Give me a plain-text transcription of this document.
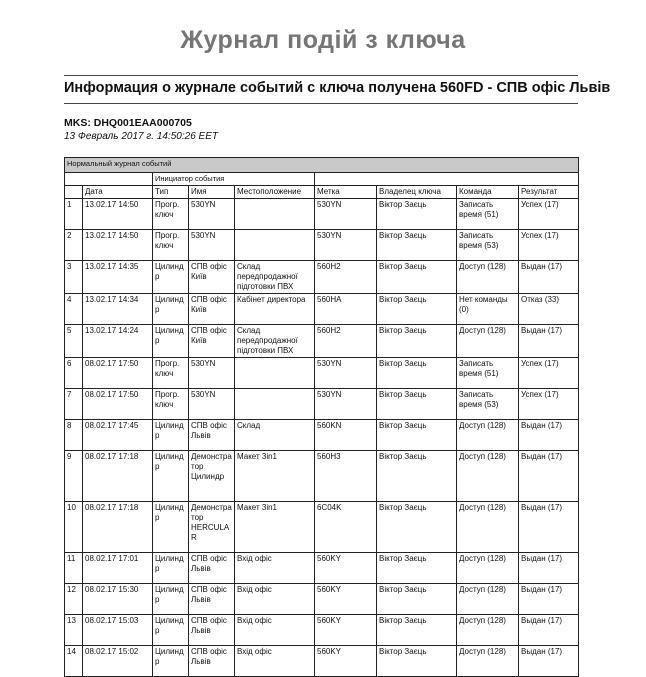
Журнал подій з ключа
Информация о журнале событий с ключа получена 560FD - СПВ офіс Львів
MKS: DHQ001EAA000705
13 Февраль 2017 г. 14:50:26 EET
Нормальный журнал событий								
		Инициатор события						
	Дата	Тип	Имя	Местоположение	Метка	Владелец ключа	Команда	Результат
1	13.02.17 14:50	Прогр. ключ	530YN		530YN	Віктор Заєць	Записать время (51)	Успех (17)
2	13.02.17 14:50	Прогр. ключ	530YN		530YN	Віктор Заєць	Записать время (53)	Успех (17)
3	13.02.17 14:35	Цилинд р	СПВ офіс Київ	Склад передпродажної підготовки ПВХ	560H2	Віктор Заєць	Доступ (128)	Выдан (17)
4	13.02.17 14:34	Цилинд р	СПВ офіс Київ	Кабінет директора	560HA	Віктор Заєць	Нет команды (0)	Отказ (33)
5	13.02.17 14:24	Цилинд р	СПВ офіс Київ	Склад передпродажної підготовки ПВХ	560H2	Віктор Заєць	Доступ (128)	Выдан (17)
6	08.02.17 17:50	Прогр. ключ	530YN		530YN	Віктор Заєць	Записать время (51)	Успех (17)
7	08.02.17 17:50	Прогр. ключ	530YN		530YN	Віктор Заєць	Записать время (53)	Успех (17)
8	08.02.17 17:45	Цилинд р	СПВ офіс Львів	Склад	560KN	Віктор Заєць	Доступ (128)	Выдан (17)
9	08.02.17 17:18	Цилинд р	Демонстра тор Цилиндр	Макет 3in1	560H3	Віктор Заєць	Доступ (128)	Выдан (17)
10	08.02.17 17:18	Цилинд р	Демонстра тор HERCULA R	Макет 3in1	6C04K	Віктор Заєць	Доступ (128)	Выдан (17)
11	08.02.17 17:01	Цилинд р	СПВ офіс Львів	Вхід офіс	560KY	Віктор Заєць	Доступ (128)	Выдан (17)
12	08.02.17 15:30	Цилинд р	СПВ офіс Львів	Вхід офіс	560KY	Віктор Заєць	Доступ (128)	Выдан (17)
13	08.02.17 15:03	Цилинд р	СПВ офіс Львів	Вхід офіс	560KY	Віктор Заєць	Доступ (128)	Выдан (17)
14	08.02.17 15:02	Цилинд р	СПВ офіс Львів	Вхід офіс	560KY	Віктор Заєць	Доступ (128)	Выдан (17)
